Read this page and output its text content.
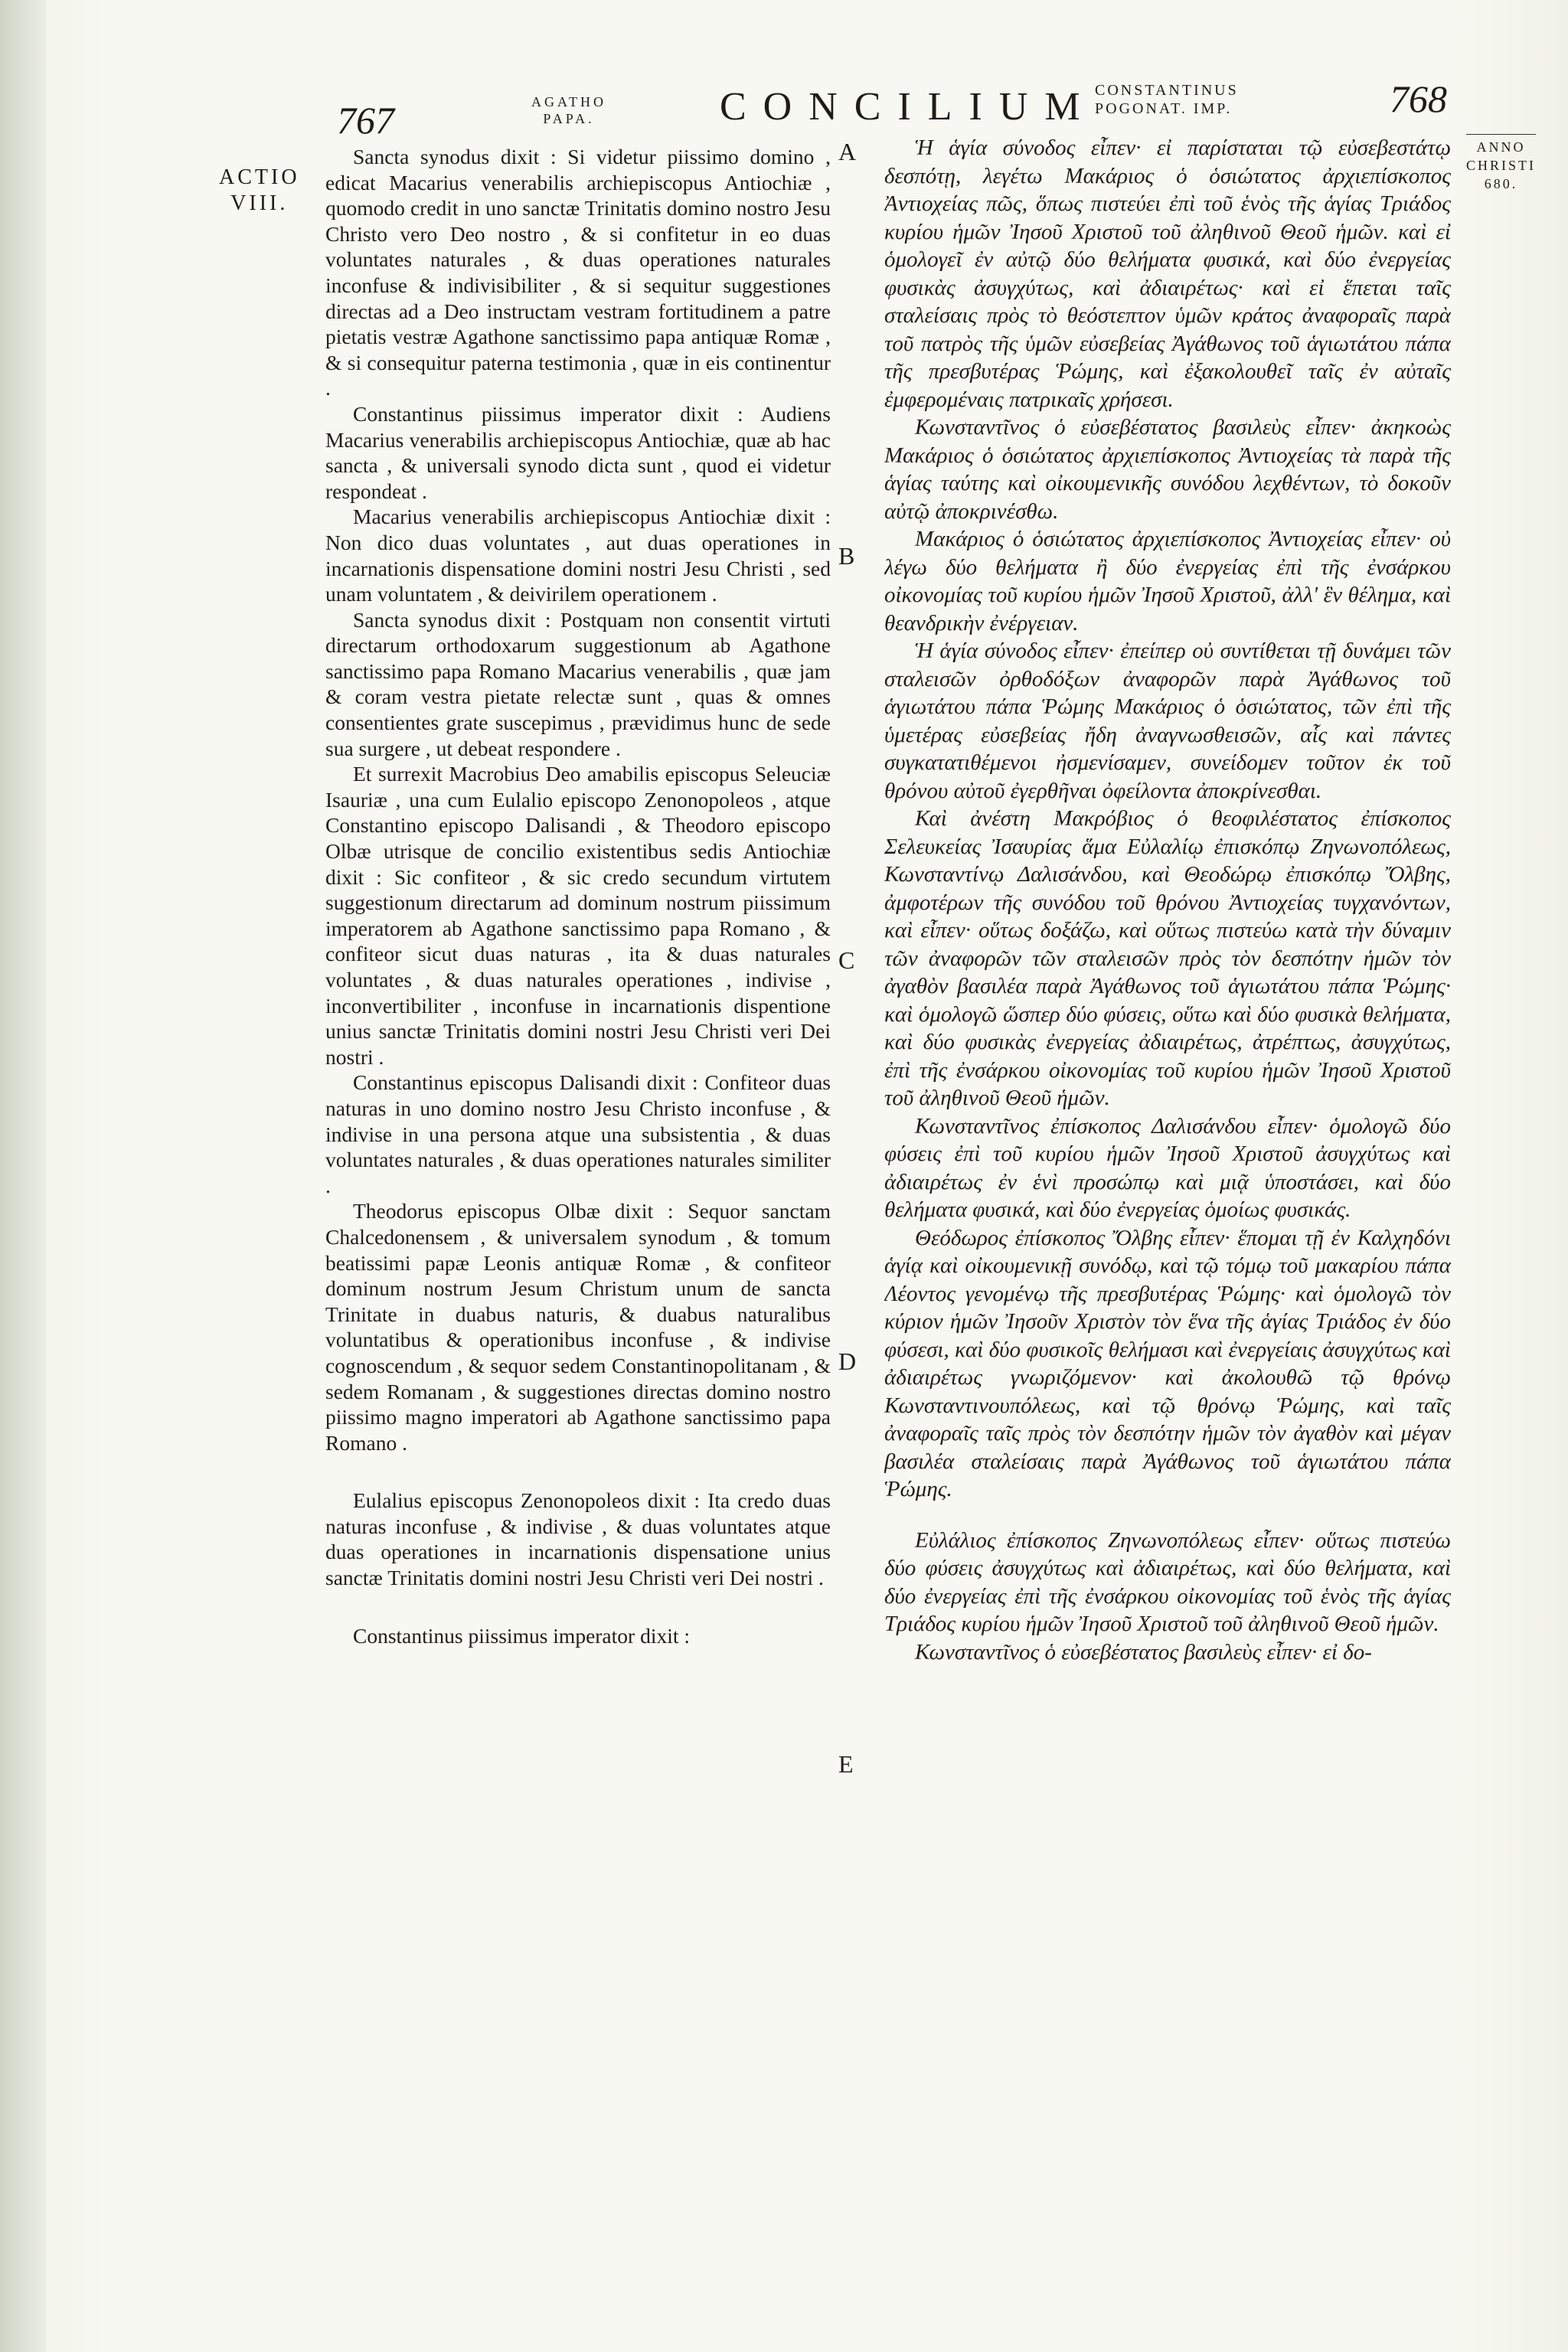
767	AGATHO
PAPA.	CONCILIUM
CONSTANTINUS
POGONAT. IMP.	768
ACTIO
VIII.
ANNO
CHRISTI
680.

Sancta synodus dixit : Si videtur piissimo domino , edicat Macarius venerabilis archiepiscopus Antiochiæ , quomodo credit in uno sanctæ Trinitatis domino nostro Jesu Christo vero Deo nostro , & si confitetur in eo duas voluntates naturales , & duas operationes naturales inconfuse & indivisibiliter , & si sequitur suggestiones directas ad a Deo instructam vestram fortitudinem a patre pietatis vestræ Agathone sanctissimo papa antiquæ Romæ , & si consequitur paterna testimonia , quæ in eis continentur .

Constantinus piissimus imperator dixit : Audiens Macarius venerabilis archiepiscopus Antiochiæ, quæ ab hac sancta , & universali synodo dicta sunt , quod ei videtur respondeat .

Macarius venerabilis archiepiscopus Antiochiæ dixit : Non dico duas voluntates , aut duas operationes in incarnationis dispensatione domini nostri Jesu Christi , sed unam voluntatem , & deivirilem operationem .

Sancta synodus dixit : Postquam non consentit virtuti directarum orthodoxarum suggestionum ab Agathone sanctissimo papa Romano Macarius venerabilis , quæ jam & coram vestra pietate relectæ sunt , quas & omnes consentientes grate suscepimus , prævidimus hunc de sede sua surgere , ut debeat respondere .

Et surrexit Macrobius Deo amabilis episcopus Seleuciæ Isauriæ , una cum Eulalio episcopo Zenonopoleos , atque Constantino episcopo Dalisandi , & Theodoro episcopo Olbæ utrisque de concilio existentibus sedis Antiochiæ dixit : Sic confiteor , & sic credo secundum virtutem suggestionum directarum ad dominum nostrum piissimum imperatorem ab Agathone sanctissimo papa Romano , & confiteor sicut duas naturas , ita & duas naturales voluntates , & duas naturales operationes , indivise , inconvertibiliter , inconfuse in incarnationis dispentione unius sanctæ Trinitatis domini nostri Jesu Christi veri Dei nostri .

Constantinus episcopus Dalisandi dixit : Confiteor duas naturas in uno domino nostro Jesu Christo inconfuse , & indivise in una persona atque una subsistentia , & duas voluntates naturales , & duas operationes naturales similiter .

Theodorus episcopus Olbæ dixit : Sequor sanctam Chalcedonensem , & universalem synodum , & tomum beatissimi papæ Leonis antiquæ Romæ , & confiteor dominum nostrum Jesum Christum unum de sancta Trinitate in duabus naturis, & duabus naturalibus voluntatibus & operationibus inconfuse , & indivise cognoscendum , & sequor sedem Constantinopolitanam , & sedem Romanam , & suggestiones directas domino nostro piissimo magno imperatori ab Agathone sanctissimo papa Romano .

Eulalius episcopus Zenonopoleos dixit : Ita credo duas naturas inconfuse , & indivise , & duas voluntates atque duas operationes in incarnationis dispensatione unius sanctæ Trinitatis domini nostri Jesu Christi veri Dei nostri .

Constantinus piissimus imperator dixit :

A
B
C
D
E

Ἡ ἁγία σύνοδος εἶπεν· εἰ παρίσταται τῷ εὐσεβεστάτῳ δεσπότῃ, λεγέτω Μακάριος ὁ ὁσιώτατος ἀρχιεπίσκοπος Ἀντιοχείας πῶς, ὅπως πιστεύει ἐπὶ τοῦ ἑνὸς τῆς ἁγίας Τριάδος κυρίου ἡμῶν Ἰησοῦ Χριστοῦ τοῦ ἀληθινοῦ Θεοῦ ἡμῶν. καὶ εἰ ὁμολογεῖ ἐν αὐτῷ δύο θελήματα φυσικά, καὶ δύο ἐνεργείας φυσικὰς ἀσυγχύτως, καὶ ἀδιαιρέτως· καὶ εἰ ἕπεται ταῖς σταλείσαις πρὸς τὸ θεόστεπτον ὑμῶν κράτος ἀναφοραῖς παρὰ τοῦ πατρὸς τῆς ὑμῶν εὐσεβείας Ἀγάθωνος τοῦ ἁγιωτάτου πάπα τῆς πρεσβυτέρας Ῥώμης, καὶ ἐξακολουθεῖ ταῖς ἐν αὐταῖς ἐμφερομέναις πατρικαῖς χρήσεσι.

Κωνσταντῖνος ὁ εὐσεβέστατος βασιλεὺς εἶπεν· ἀκηκοὼς Μακάριος ὁ ὁσιώτατος ἀρχιεπίσκοπος Ἀντιοχείας τὰ παρὰ τῆς ἁγίας ταύτης καὶ οἰκουμενικῆς συνόδου λεχθέντων, τὸ δοκοῦν αὐτῷ ἀποκρινέσθω.

Μακάριος ὁ ὁσιώτατος ἀρχιεπίσκοπος Ἀντιοχείας εἶπεν· οὐ λέγω δύο θελήματα ἢ δύο ἐνεργείας ἐπὶ τῆς ἐνσάρκου οἰκονομίας τοῦ κυρίου ἡμῶν Ἰησοῦ Χριστοῦ, ἀλλ' ἓν θέλημα, καὶ θεανδρικὴν ἐνέργειαν.

Ἡ ἁγία σύνοδος εἶπεν· ἐπείπερ οὐ συντίθεται τῇ δυνάμει τῶν σταλεισῶν ὀρθοδόξων ἀναφορῶν παρὰ Ἀγάθωνος τοῦ ἁγιωτάτου πάπα Ῥώμης Μακάριος ὁ ὁσιώτατος, τῶν ἐπὶ τῆς ὑμετέρας εὐσεβείας ἤδη ἀναγνωσθεισῶν, αἷς καὶ πάντες συγκατατιθέμενοι ἠσμενίσαμεν, συνείδομεν τοῦτον ἐκ τοῦ θρόνου αὐτοῦ ἐγερθῆναι ὀφείλοντα ἀποκρίνεσθαι.

Καὶ ἀνέστη Μακρόβιος ὁ θεοφιλέστατος ἐπίσκοπος Σελευκείας Ἰσαυρίας ἅμα Εὐλαλίῳ ἐπισκόπῳ Ζηνωνοπόλεως, Κωνσταντίνῳ Δαλισάνδου, καὶ Θεοδώρῳ ἐπισκόπῳ Ὄλβης, ἀμφοτέρων τῆς συνόδου τοῦ θρόνου Ἀντιοχείας τυγχανόντων, καὶ εἶπεν· οὕτως δοξάζω, καὶ οὕτως πιστεύω κατὰ τὴν δύναμιν τῶν ἀναφορῶν τῶν σταλεισῶν πρὸς τὸν δεσπότην ἡμῶν τὸν ἀγαθὸν βασιλέα παρὰ Ἀγάθωνος τοῦ ἁγιωτάτου πάπα Ῥώμης· καὶ ὁμολογῶ ὥσπερ δύο φύσεις, οὕτω καὶ δύο φυσικὰ θελήματα, καὶ δύο φυσικὰς ἐνεργείας ἀδιαιρέτως, ἀτρέπτως, ἀσυγχύτως, ἐπὶ τῆς ἐνσάρκου οἰκονομίας τοῦ κυρίου ἡμῶν Ἰησοῦ Χριστοῦ τοῦ ἀληθινοῦ Θεοῦ ἡμῶν.

Κωνσταντῖνος ἐπίσκοπος Δαλισάνδου εἶπεν· ὁμολογῶ δύο φύσεις ἐπὶ τοῦ κυρίου ἡμῶν Ἰησοῦ Χριστοῦ ἀσυγχύτως καὶ ἀδιαιρέτως ἐν ἑνὶ προσώπῳ καὶ μιᾷ ὑποστάσει, καὶ δύο θελήματα φυσικά, καὶ δύο ἐνεργείας ὁμοίως φυσικάς.

Θεόδωρος ἐπίσκοπος Ὄλβης εἶπεν· ἕπομαι τῇ ἐν Καλχηδόνι ἁγίᾳ καὶ οἰκουμενικῇ συνόδῳ, καὶ τῷ τόμῳ τοῦ μακαρίου πάπα Λέοντος γενομένῳ τῆς πρεσβυτέρας Ῥώμης· καὶ ὁμολογῶ τὸν κύριον ἡμῶν Ἰησοῦν Χριστὸν τὸν ἕνα τῆς ἁγίας Τριάδος ἐν δύο φύσεσι, καὶ δύο φυσικοῖς θελήμασι καὶ ἐνεργείαις ἀσυγχύτως καὶ ἀδιαιρέτως γνωριζόμενον· καὶ ἀκολουθῶ τῷ θρόνῳ Κωνσταντινουπόλεως, καὶ τῷ θρόνῳ Ῥώμης, καὶ ταῖς ἀναφοραῖς ταῖς πρὸς τὸν δεσπότην ἡμῶν τὸν ἀγαθὸν καὶ μέγαν βασιλέα σταλείσαις παρὰ Ἀγάθωνος τοῦ ἁγιωτάτου πάπα Ῥώμης.

Εὐλάλιος ἐπίσκοπος Ζηνωνοπόλεως εἶπεν· οὕτως πιστεύω δύο φύσεις ἀσυγχύτως καὶ ἀδιαιρέτως, καὶ δύο θελήματα, καὶ δύο ἐνεργείας ἐπὶ τῆς ἐνσάρκου οἰκονομίας τοῦ ἑνὸς τῆς ἁγίας Τριάδος κυρίου ἡμῶν Ἰησοῦ Χριστοῦ τοῦ ἀληθινοῦ Θεοῦ ἡμῶν.

Κωνσταντῖνος ὁ εὐσεβέστατος βασιλεὺς εἶπεν· εἰ δο-
